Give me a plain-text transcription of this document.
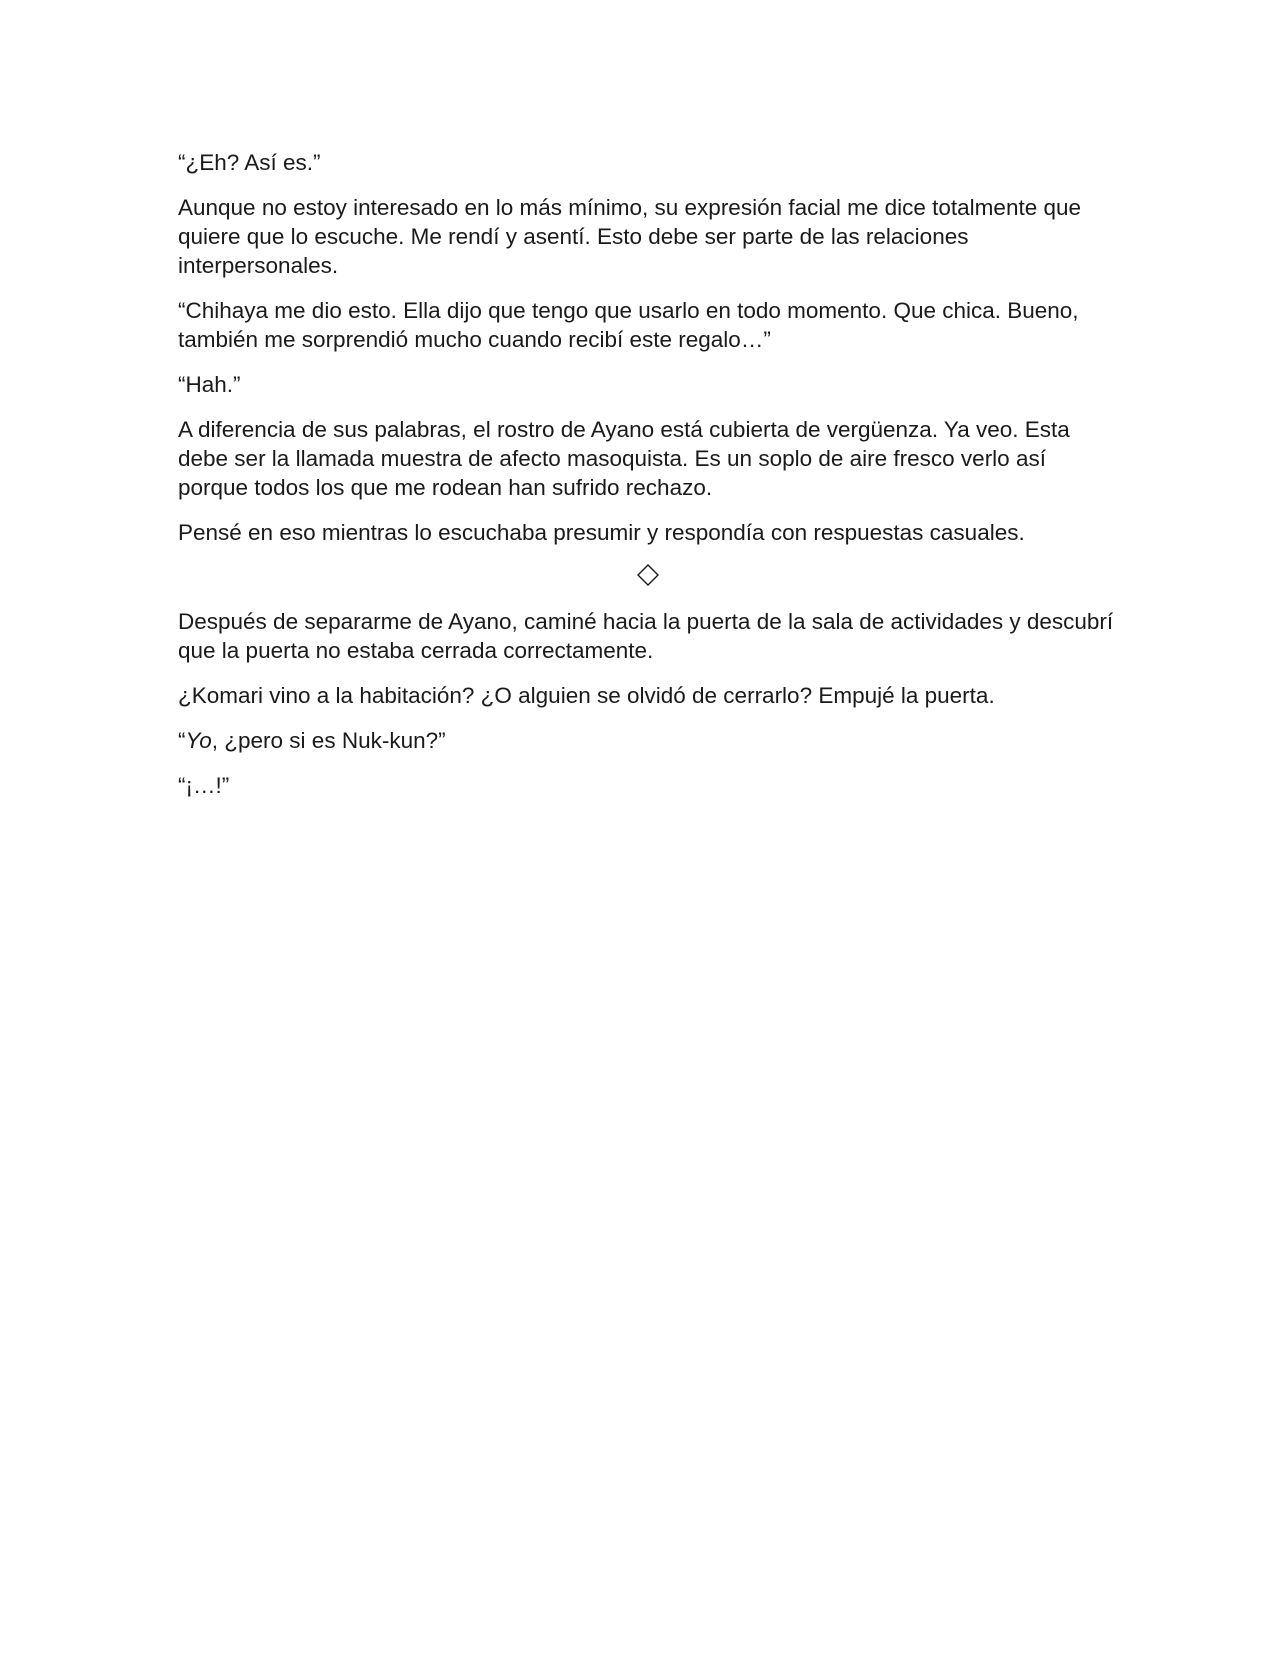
“¿Eh? Así es.”

Aunque no estoy interesado en lo más mínimo, su expresión facial me dice totalmente que quiere que lo escuche. Me rendí y asentí. Esto debe ser parte de las relaciones interpersonales.

“Chihaya me dio esto. Ella dijo que tengo que usarlo en todo momento. Que chica. Bueno, también me sorprendió mucho cuando recibí este regalo…”

“Hah.”

A diferencia de sus palabras, el rostro de Ayano está cubierta de vergüenza. Ya veo. Esta debe ser la llamada muestra de afecto masoquista. Es un soplo de aire fresco verlo así porque todos los que me rodean han sufrido rechazo.

Pensé en eso mientras lo escuchaba presumir y respondía con respuestas casuales.

Después de separarme de Ayano, caminé hacia la puerta de la sala de actividades y descubrí que la puerta no estaba cerrada correctamente.

¿Komari vino a la habitación? ¿O alguien se olvidó de cerrarlo? Empujé la puerta.

“Yo, ¿pero si es Nuk-kun?”

“¡…!”
